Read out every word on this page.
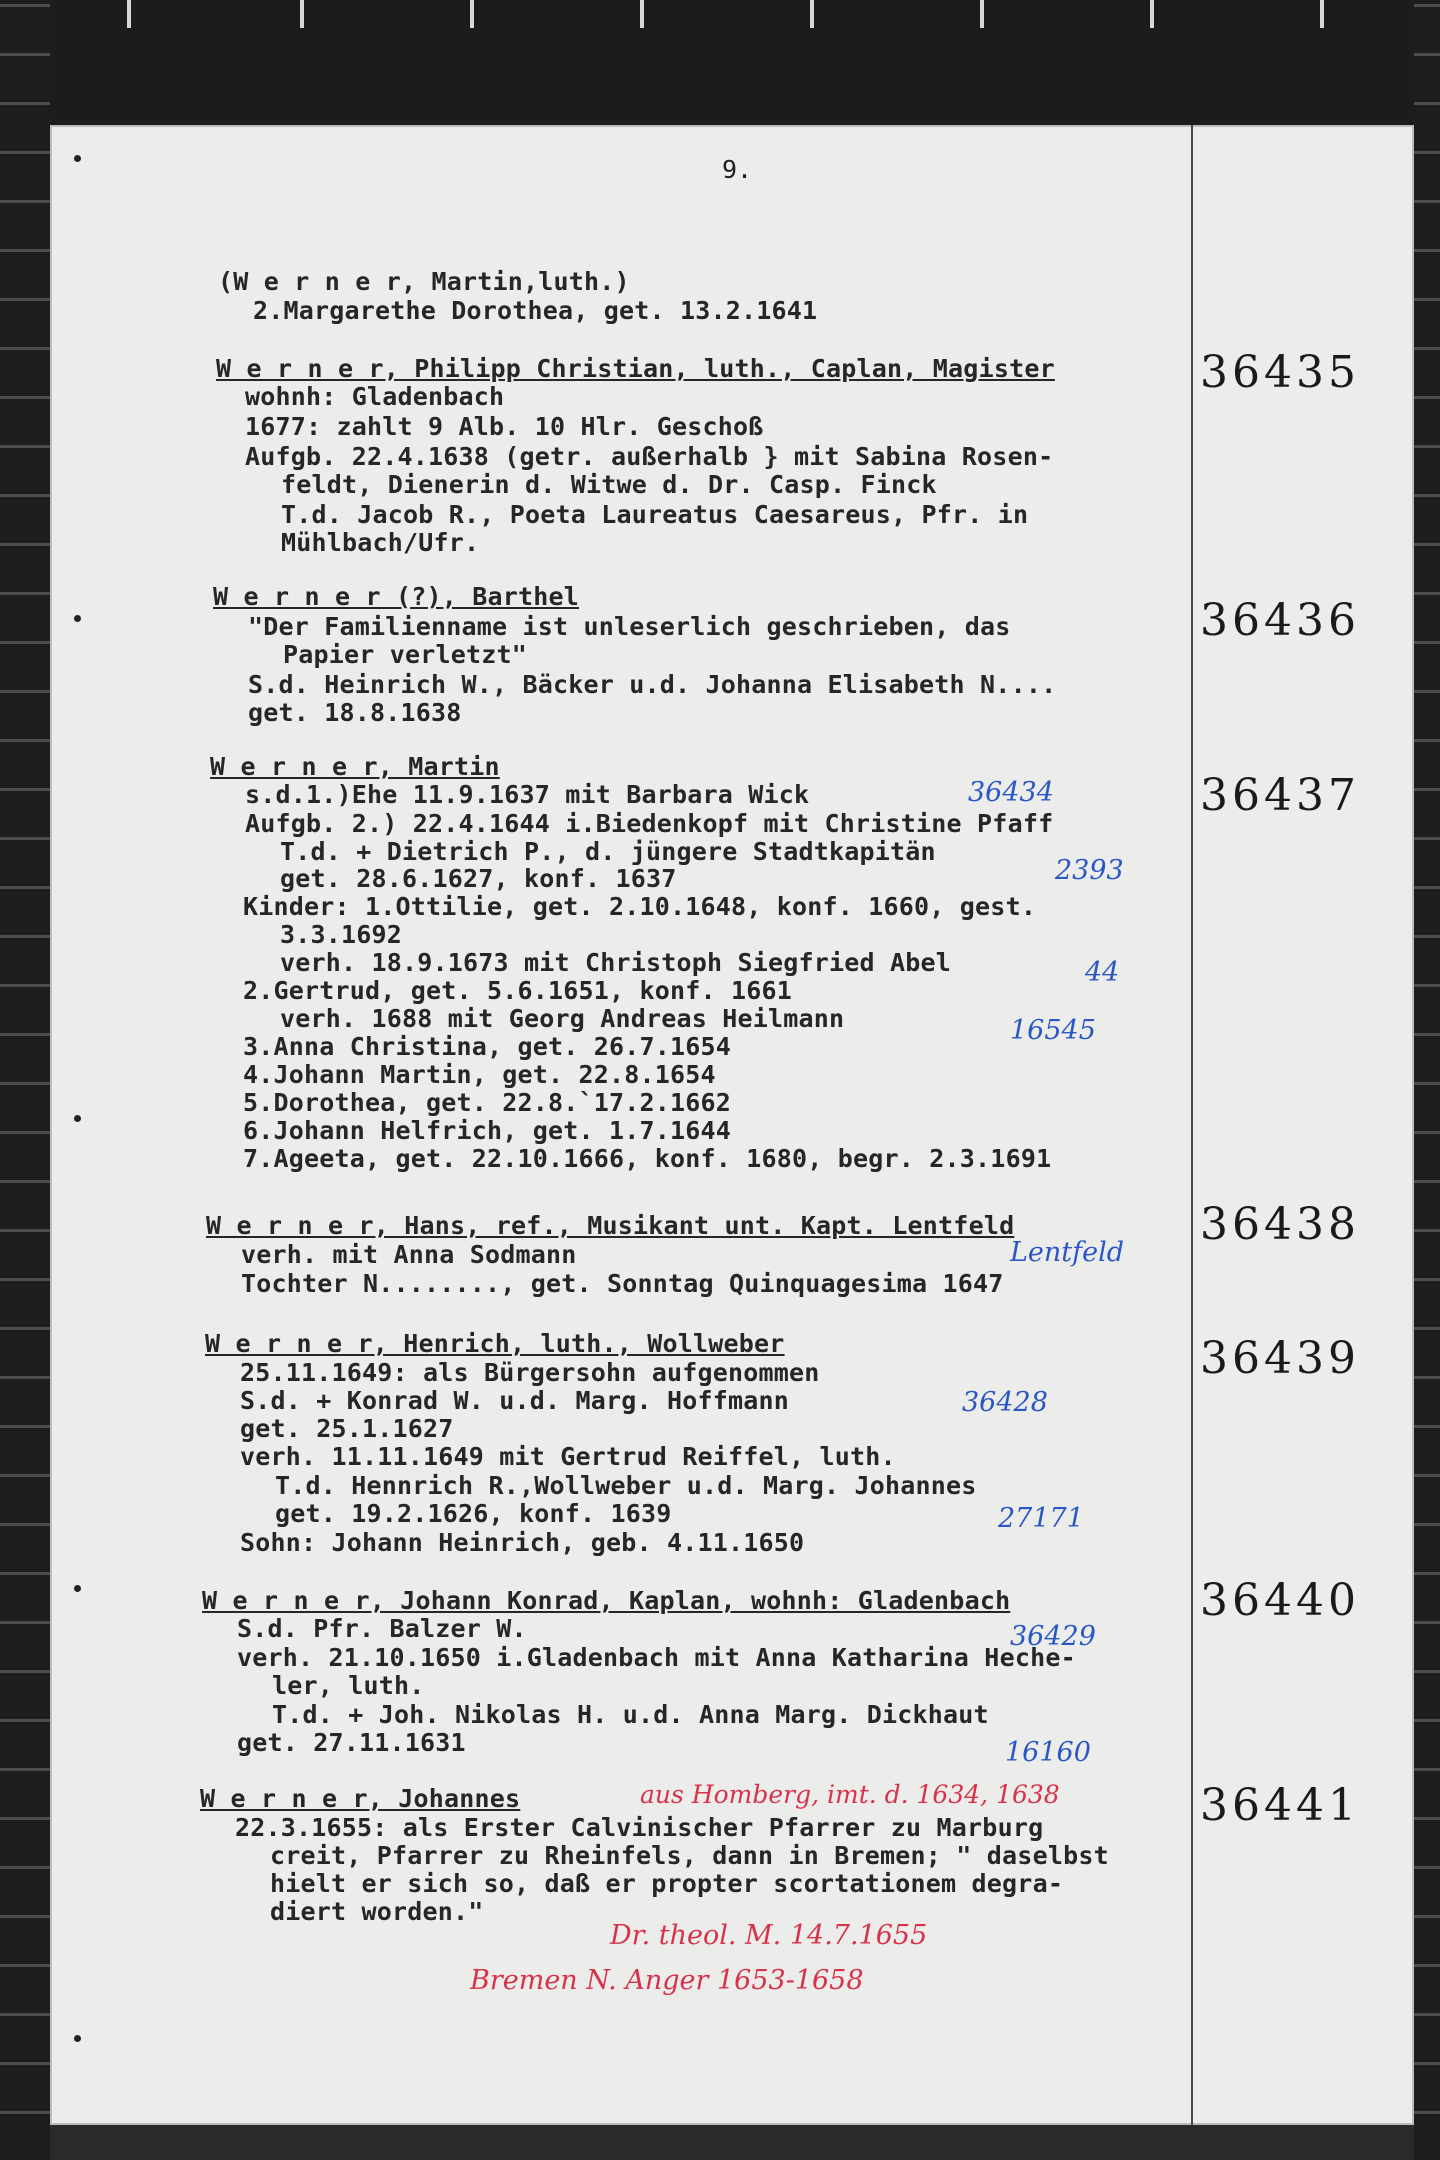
9.
(W e r n e r, Martin,luth.)
2.Margarethe Dorothea, get. 13.2.1641
36435
W e r n e r, Philipp Christian, luth., Caplan, Magister
wohnh: Gladenbach
1677: zahlt 9 Alb. 10 Hlr. Geschoß
Aufgb. 22.4.1638 (getr. außerhalb } mit Sabina Rosen-
feldt, Dienerin d. Witwe d. Dr. Casp. Finck
T.d. Jacob R., Poeta Laureatus Caesareus, Pfr. in
Mühlbach/Ufr.
36436
W e r n e r (?), Barthel
"Der Familienname ist unleserlich geschrieben, das
Papier verletzt"
S.d. Heinrich W., Bäcker u.d. Johanna Elisabeth N....
get. 18.8.1638
36437
W e r n e r, Martin
s.d.1.)Ehe 11.9.1637 mit Barbara Wick
Aufgb. 2.) 22.4.1644 i.Biedenkopf mit Christine Pfaff
T.d. + Dietrich P., d. jüngere Stadtkapitän
get. 28.6.1627, konf. 1637
Kinder: 1.Ottilie, get. 2.10.1648, konf. 1660, gest.
3.3.1692
verh. 18.9.1673 mit Christoph Siegfried Abel
2.Gertrud, get. 5.6.1651, konf. 1661
verh. 1688 mit Georg Andreas Heilmann
3.Anna Christina, get. 26.7.1654
4.Johann Martin, get. 22.8.1654
5.Dorothea, get. 22.8.`17.2.1662
6.Johann Helfrich, get. 1.7.1644
7.Ageeta, get. 22.10.1666, konf. 1680, begr. 2.3.1691
36438
W e r n e r, Hans, ref., Musikant unt. Kapt. Lentfeld
verh. mit Anna Sodmann
Tochter N........, get. Sonntag Quinquagesima 1647
36439
W e r n e r, Henrich, luth., Wollweber
25.11.1649: als Bürgersohn aufgenommen
S.d. + Konrad W. u.d. Marg. Hoffmann
get. 25.1.1627
verh. 11.11.1649 mit Gertrud Reiffel, luth.
T.d. Hennrich R.,Wollweber u.d. Marg. Johannes
get. 19.2.1626, konf. 1639
Sohn: Johann Heinrich, geb. 4.11.1650
36440
W e r n e r, Johann Konrad, Kaplan, wohnh: Gladenbach
S.d. Pfr. Balzer W.
verh. 21.10.1650 i.Gladenbach mit Anna Katharina Heche-
ler, luth.
T.d. + Joh. Nikolas H. u.d. Anna Marg. Dickhaut
get. 27.11.1631
36441
W e r n e r, Johannes
22.3.1655: als Erster Calvinischer Pfarrer zu Marburg
creit, Pfarrer zu Rheinfels, dann in Bremen; " daselbst
hielt er sich so, daß er propter scortationem degra-
diert worden."
36434
2393
44
16545
Lentfeld
36428
27171
36429
16160
aus Homberg, imt. d. 1634, 1638
Dr. theol. M. 14.7.1655
Bremen N. Anger 1653-1658
